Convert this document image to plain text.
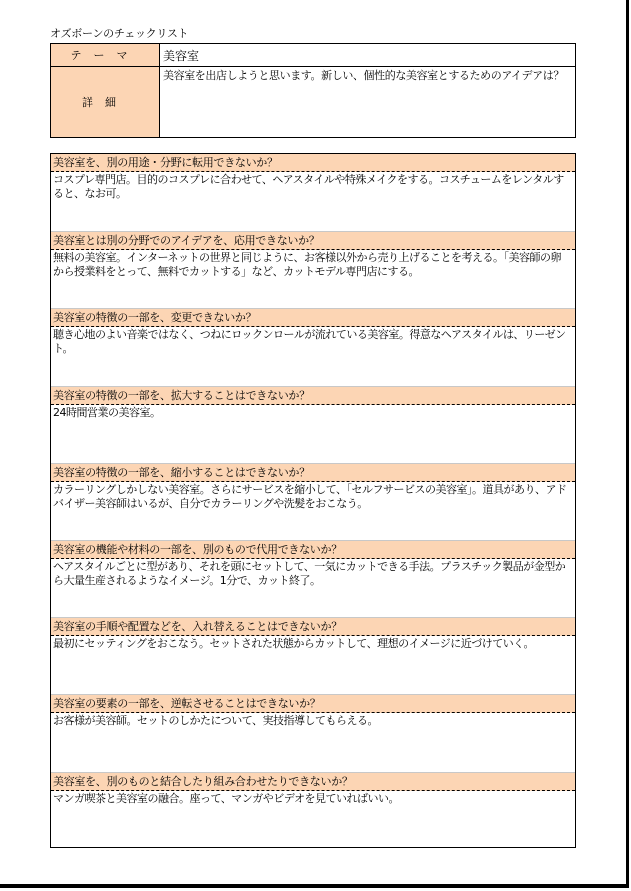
オズボーンのチェックリスト
テーマ	美容室
詳細	美容室を出店しようと思います。新しい、個性的な美容室とするためのアイデアは？
美容室を、別の用途・分野に転用できないか？
コスプレ専門店。目的のコスプレに合わせて、ヘアスタイルや特殊メイクをする。コスチュームをレンタルすると、なお可。
美容室とは別の分野でのアイデアを、応用できないか？
無料の美容室。インターネットの世界と同じように、お客様以外から売り上げることを考える。「美容師の卵から授業料をとって、無料でカットする」など、カットモデル専門店にする。
美容室の特徴の一部を、変更できないか？
聴き心地のよい音楽ではなく、つねにロックンロールが流れている美容室。得意なヘアスタイルは、リーゼント。
美容室の特徴の一部を、拡大することはできないか？
24時間営業の美容室。
美容室の特徴の一部を、縮小することはできないか？
カラーリングしかしない美容室。さらにサービスを縮小して、「セルフサービスの美容室」。道具があり、アドバイザー美容師はいるが、自分でカラーリングや洗髪をおこなう。
美容室の機能や材料の一部を、別のもので代用できないか？
ヘアスタイルごとに型があり、それを頭にセットして、一気にカットできる手法。プラスチック製品が金型から大量生産されるようなイメージ。1分で、カット終了。
美容室の手順や配置などを、入れ替えることはできないか？
最初にセッティングをおこなう。セットされた状態からカットして、理想のイメージに近づけていく。
美容室の要素の一部を、逆転させることはできないか？
お客様が美容師。セットのしかたについて、実技指導してもらえる。
美容室を、別のものと結合したり組み合わせたりできないか？
マンガ喫茶と美容室の融合。座って、マンガやビデオを見ていればいい。
